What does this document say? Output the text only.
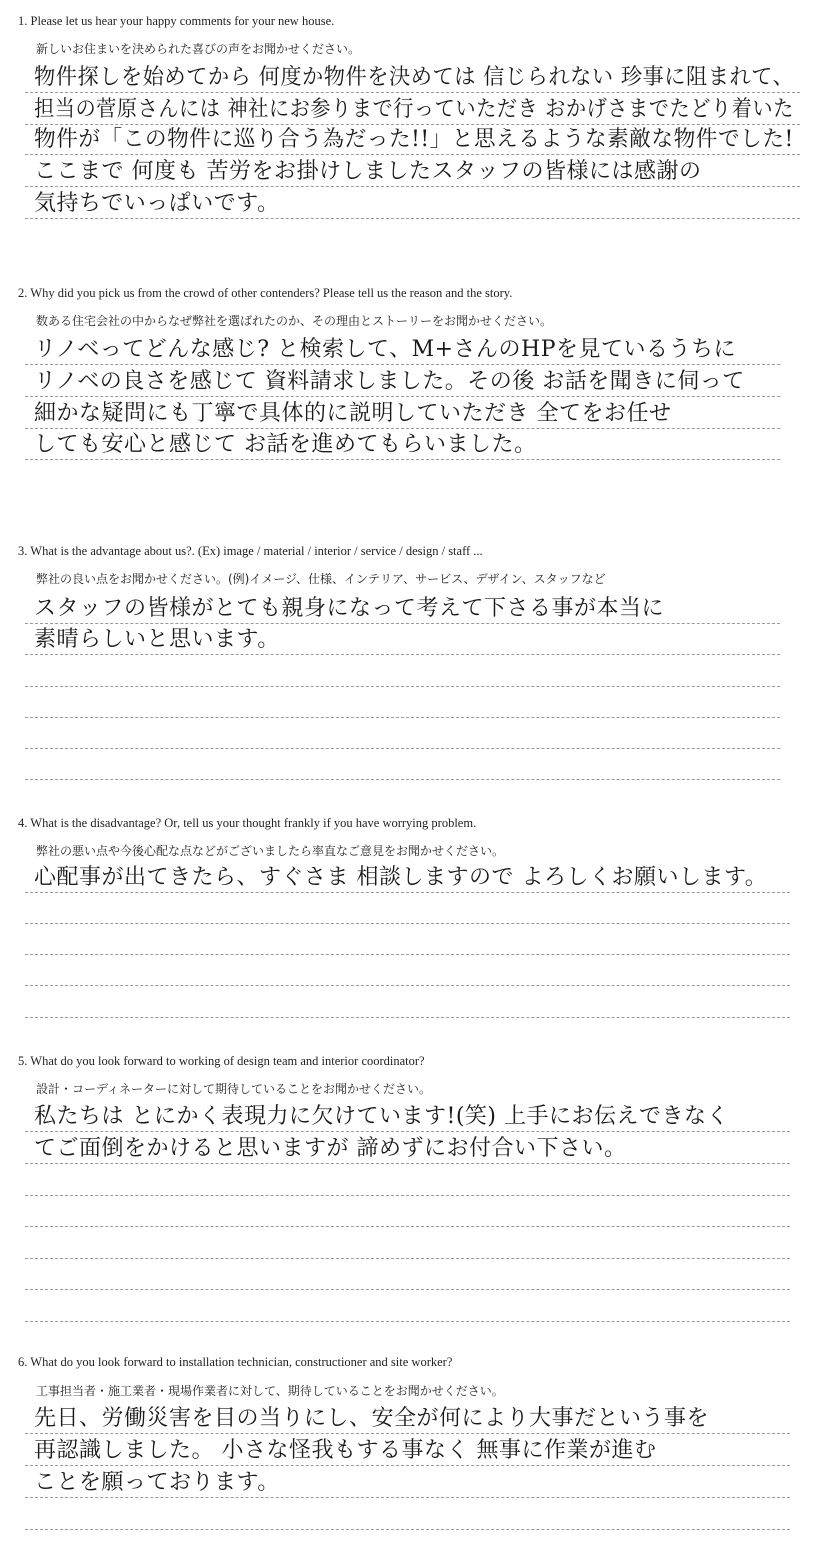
1. Please let us hear your happy comments for your new house.
新しいお住まいを決められた喜びの声をお聞かせください。
2. Why did you pick us from the crowd of other contenders? Please tell us the reason and the story.
数ある住宅会社の中からなぜ弊社を選ばれたのか、その理由とストーリーをお聞かせください。
3. What is the advantage about us?. (Ex) image / material / interior / service / design / staff ...
弊社の良い点をお聞かせください。(例)イメージ、仕様、インテリア、サービス、デザイン、スタッフなど
4. What is the disadvantage? Or, tell us your thought frankly if you have worrying problem.
弊社の悪い点や今後心配な点などがございましたら率直なご意見をお聞かせください。
5. What do you look forward to working of design team and interior coordinator?
設計・コーディネーターに対して期待していることをお聞かせください。
6. What do you look forward to installation technician, constructioner and site worker?
工事担当者・施工業者・現場作業者に対して、期待していることをお聞かせください。
物件探しを始めてから 何度か物件を決めては 信じられない 珍事に阻まれて、
担当の菅原さんには 神社にお参りまで行っていただき おかげさまでたどり着いた
物件が「この物件に巡り合う為だった!!」と思えるような素敵な物件でした!
ここまで 何度も 苦労をお掛けしましたスタッフの皆様には感謝の
気持ちでいっぱいです。
リノベってどんな感じ? と検索して、M+さんのHPを見ているうちに
リノベの良さを感じて 資料請求しました。その後 お話を聞きに伺って
細かな疑問にも丁寧で具体的に説明していただき 全てをお任せ
しても安心と感じて お話を進めてもらいました。
スタッフの皆様がとても親身になって考えて下さる事が本当に
素晴らしいと思います。
心配事が出てきたら、すぐさま 相談しますので よろしくお願いします。
私たちは とにかく表現力に欠けています!(笑) 上手にお伝えできなく
てご面倒をかけると思いますが 諦めずにお付合い下さい。
先日、労働災害を目の当りにし、安全が何により大事だという事を
再認識しました。 小さな怪我もする事なく 無事に作業が進む
ことを願っております。
